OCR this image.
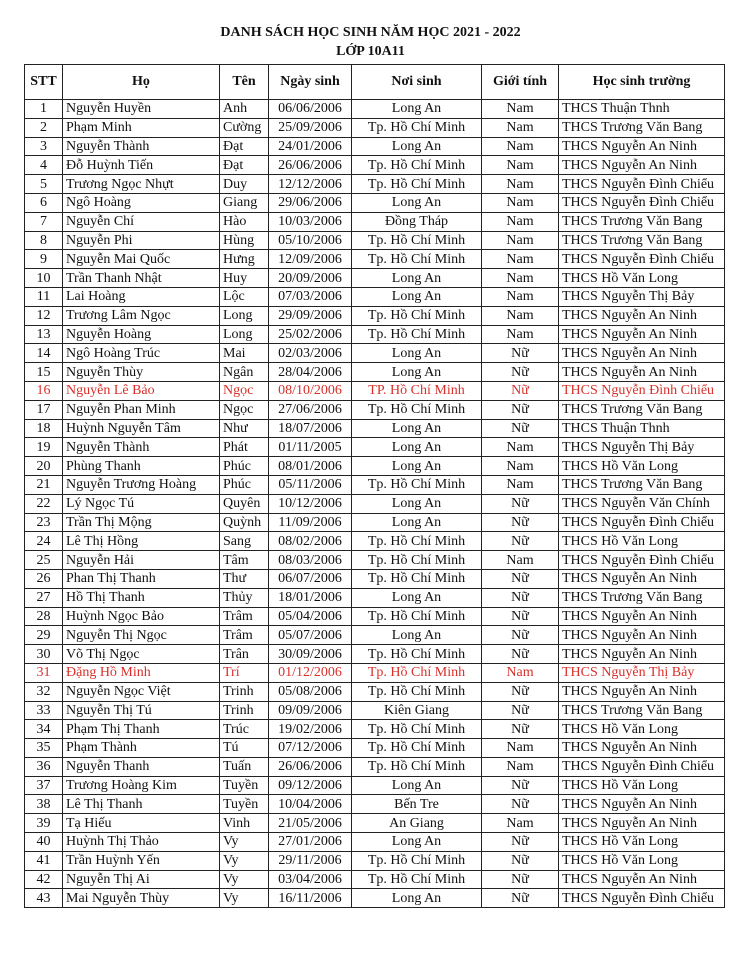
DANH SÁCH HỌC SINH NĂM HỌC 2021 - 2022
LỚP 10A11
STT	Họ	Tên	Ngày sinh	Nơi sinh	Giới tính	Học sinh trường
1	Nguyễn Huyền	Anh	06/06/2006	Long An	Nam	THCS Thuận Thnh
2	Phạm Minh	Cường	25/09/2006	Tp. Hồ Chí Minh	Nam	THCS Trương Văn Bang
3	Nguyễn Thành	Đạt	24/01/2006	Long An	Nam	THCS Nguyễn An Ninh
4	Đỗ Huỳnh Tiến	Đạt	26/06/2006	Tp. Hồ Chí Minh	Nam	THCS Nguyễn An Ninh
5	Trương Ngọc Nhựt	Duy	12/12/2006	Tp. Hồ Chí Minh	Nam	THCS Nguyễn Đình Chiểu
6	Ngô Hoàng	Giang	29/06/2006	Long An	Nam	THCS Nguyễn Đình Chiểu
7	Nguyễn Chí	Hào	10/03/2006	Đồng Tháp	Nam	THCS Trương Văn Bang
8	Nguyễn Phi	Hùng	05/10/2006	Tp. Hồ Chí Minh	Nam	THCS Trương Văn Bang
9	Nguyễn Mai Quốc	Hưng	12/09/2006	Tp. Hồ Chí Minh	Nam	THCS Nguyễn Đình Chiểu
10	Trần Thanh Nhật	Huy	20/09/2006	Long An	Nam	THCS Hồ Văn Long
11	Lai Hoàng	Lộc	07/03/2006	Long An	Nam	THCS Nguyễn Thị Bảy
12	Trương Lâm Ngọc	Long	29/09/2006	Tp. Hồ Chí Minh	Nam	THCS Nguyễn An Ninh
13	Nguyễn Hoàng	Long	25/02/2006	Tp. Hồ Chí Minh	Nam	THCS Nguyễn An Ninh
14	Ngô Hoàng Trúc	Mai	02/03/2006	Long An	Nữ	THCS Nguyễn An Ninh
15	Nguyễn Thùy	Ngân	28/04/2006	Long An	Nữ	THCS Nguyễn An Ninh
16	Nguyễn Lê Bảo	Ngọc	08/10/2006	TP. Hồ Chí Minh	Nữ	THCS Nguyễn Đình Chiểu
17	Nguyễn Phan Minh	Ngọc	27/06/2006	Tp. Hồ Chí Minh	Nữ	THCS Trương Văn Bang
18	Huỳnh Nguyễn Tâm	Như	18/07/2006	Long An	Nữ	THCS Thuận Thnh
19	Nguyễn Thành	Phát	01/11/2005	Long An	Nam	THCS Nguyễn Thị Bảy
20	Phùng Thanh	Phúc	08/01/2006	Long An	Nam	THCS Hồ Văn Long
21	Nguyễn Trương Hoàng	Phúc	05/11/2006	Tp. Hồ Chí Minh	Nam	THCS Trương Văn Bang
22	Lý Ngọc Tú	Quyên	10/12/2006	Long An	Nữ	THCS Nguyễn Văn Chính
23	Trần Thị Mộng	Quỳnh	11/09/2006	Long An	Nữ	THCS Nguyễn Đình Chiểu
24	Lê Thị Hồng	Sang	08/02/2006	Tp. Hồ Chí Minh	Nữ	THCS Hồ Văn Long
25	Nguyễn Hải	Tâm	08/03/2006	Tp. Hồ Chí Minh	Nam	THCS Nguyễn Đình Chiểu
26	Phan Thị Thanh	Thư	06/07/2006	Tp. Hồ Chí Minh	Nữ	THCS Nguyễn An Ninh
27	Hồ Thị Thanh	Thủy	18/01/2006	Long An	Nữ	THCS Trương Văn Bang
28	Huỳnh Ngọc Bảo	Trâm	05/04/2006	Tp. Hồ Chí Minh	Nữ	THCS Nguyễn An Ninh
29	Nguyễn Thị Ngọc	Trâm	05/07/2006	Long An	Nữ	THCS Nguyễn An Ninh
30	Võ Thị Ngọc	Trân	30/09/2006	Tp. Hồ Chí Minh	Nữ	THCS Nguyễn An Ninh
31	Đặng Hồ Minh	Trí	01/12/2006	Tp. Hồ Chí Minh	Nam	THCS Nguyễn Thị Bảy
32	Nguyễn Ngọc Việt	Trinh	05/08/2006	Tp. Hồ Chí Minh	Nữ	THCS Nguyễn An Ninh
33	Nguyễn Thị Tú	Trinh	09/09/2006	Kiên Giang	Nữ	THCS Trương Văn Bang
34	Phạm Thị Thanh	Trúc	19/02/2006	Tp. Hồ Chí Minh	Nữ	THCS Hồ Văn Long
35	Phạm Thành	Tú	07/12/2006	Tp. Hồ Chí Minh	Nam	THCS Nguyễn An Ninh
36	Nguyễn Thanh	Tuấn	26/06/2006	Tp. Hồ Chí Minh	Nam	THCS Nguyễn Đình Chiểu
37	Trương Hoàng Kim	Tuyền	09/12/2006	Long An	Nữ	THCS Hồ Văn Long
38	Lê Thị Thanh	Tuyền	10/04/2006	Bến Tre	Nữ	THCS Nguyễn An Ninh
39	Tạ Hiếu	Vinh	21/05/2006	An Giang	Nam	THCS Nguyễn An Ninh
40	Huỳnh Thị Thảo	Vy	27/01/2006	Long An	Nữ	THCS Hồ Văn Long
41	Trần Huỳnh Yến	Vy	29/11/2006	Tp. Hồ Chí Minh	Nữ	THCS Hồ Văn Long
42	Nguyễn Thị Ai	Vy	03/04/2006	Tp. Hồ Chí Minh	Nữ	THCS Nguyễn An Ninh
43	Mai Nguyễn Thùy	Vy	16/11/2006	Long An	Nữ	THCS Nguyễn Đình Chiểu
